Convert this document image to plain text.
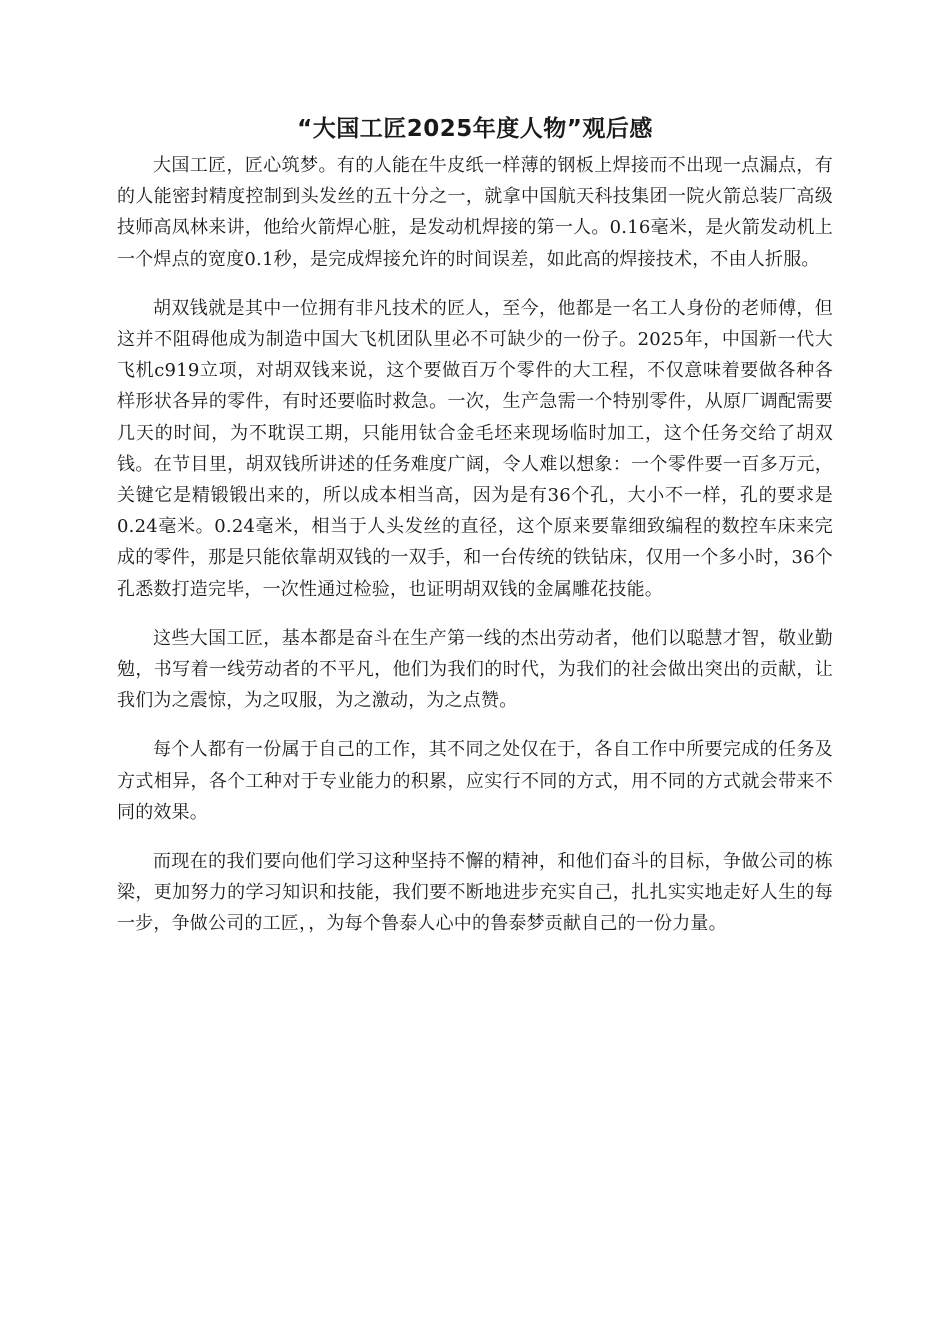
“大国工匠2025年度人物”观后感

大国工匠，匠心筑梦。有的人能在牛皮纸一样薄的钢板上焊接而不出现一点漏点，有的人能密封精度控制到头发丝的五十分之一，就拿中国航天科技集团一院火箭总装厂高级技师高凤林来讲，他给火箭焊心脏，是发动机焊接的第一人。0.16毫米，是火箭发动机上一个焊点的宽度0.1秒，是完成焊接允许的时间误差，如此高的焊接技术，不由人折服。

胡双钱就是其中一位拥有非凡技术的匠人，至今，他都是一名工人身份的老师傅，但这并不阻碍他成为制造中国大飞机团队里必不可缺少的一份子。2025年，中国新一代大飞机c919立项，对胡双钱来说，这个要做百万个零件的大工程，不仅意味着要做各种各样形状各异的零件，有时还要临时救急。一次，生产急需一个特别零件，从原厂调配需要几天的时间，为不耽误工期，只能用钛合金毛坯来现场临时加工，这个任务交给了胡双钱。在节目里，胡双钱所讲述的任务难度广阔，令人难以想象：一个零件要一百多万元，关键它是精锻锻出来的，所以成本相当高，因为是有36个孔，大小不一样，孔的要求是0.24毫米。0.24毫米，相当于人头发丝的直径，这个原来要靠细致编程的数控车床来完成的零件，那是只能依靠胡双钱的一双手，和一台传统的铁钻床，仅用一个多小时，36个孔悉数打造完毕，一次性通过检验，也证明胡双钱的金属雕花技能。

这些大国工匠，基本都是奋斗在生产第一线的杰出劳动者，他们以聪慧才智，敬业勤勉，书写着一线劳动者的不平凡，他们为我们的时代，为我们的社会做出突出的贡献，让我们为之震惊，为之叹服，为之激动，为之点赞。

每个人都有一份属于自己的工作，其不同之处仅在于，各自工作中所要完成的任务及方式相异，各个工种对于专业能力的积累，应实行不同的方式，用不同的方式就会带来不同的效果。

而现在的我们要向他们学习这种坚持不懈的精神，和他们奋斗的目标，争做公司的栋梁，更加努力的学习知识和技能，我们要不断地进步充实自己，扎扎实实地走好人生的每一步，争做公司的工匠，，为每个鲁泰人心中的鲁泰梦贡献自己的一份力量。
